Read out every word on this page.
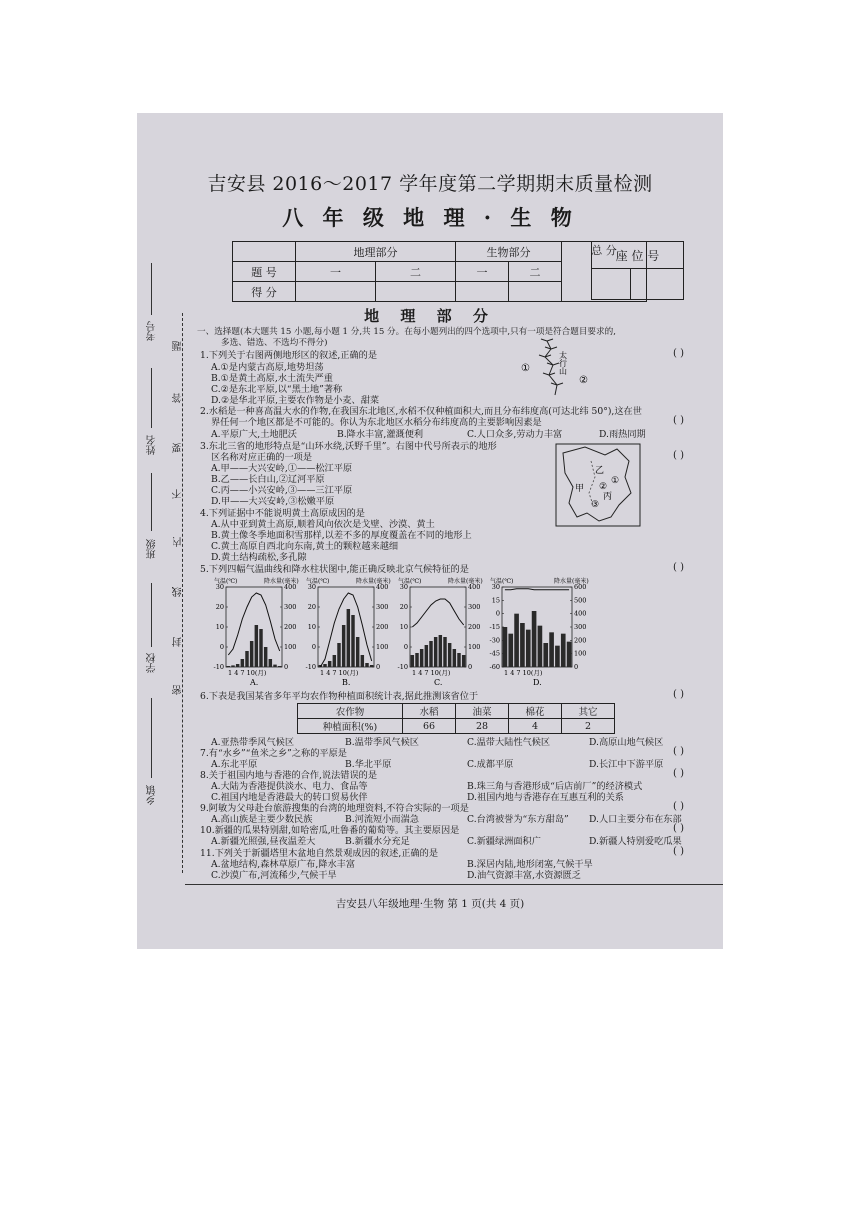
吉安县 2016～2017 学年度第二学期期末质量检测
八 年 级 地 理 · 生 物
	地理部分		生物部分		总 分
题 号	一	二	一	二	
得 分					
座 位 号

地 理 部 分
考号
姓名
班级
学校
乡镇
题
答
要
不
内
线
封
密
一、选择题(本大题共 15 小题,每小题 1 分,共 15 分。在每小题列出的四个选项中,只有一项是符合题目要求的,
多选、错选、不选均不得分)
1.下列关于右图两侧地形区的叙述,正确的是	( )
A.①是内蒙古高原,地势坦荡
B.①是黄土高原,水土流失严重
C.②是东北平原,以“黑土地”著称
D.②是华北平原,主要农作物是小麦、甜菜
①
②
太行山
2.水稻是一种喜高温大水的作物,在我国东北地区,水稻不仅种植面积大,而且分布纬度高(可达北纬 50°),这在世
界任何一个地区都是不可能的。你认为东北地区水稻分布纬度高的主要影响因素是	( )
A.平原广大,土地肥沃	B.降水丰富,灌溉便利	C.人口众多,劳动力丰富	D.雨热同期
3.东北三省的地形特点是“山环水绕,沃野千里”。右图中代号所表示的地形
区名称对应正确的一项是	( )
A.甲——大兴安岭,①——松江平原
B.乙——长白山,②辽河平原
C.丙——小兴安岭,③——三江平原
D.甲——大兴安岭,③松嫩平原
甲
乙
丙
①
②
③
4.下列证据中不能说明黄土高原成因的是
A.从中亚到黄土高原,顺着风向依次是戈壁、沙漠、黄土
B.黄土像冬季地面积雪那样,以差不多的厚度覆盖在不同的地形上
C.黄土高原自西北向东南,黄土的颗粒越来越细
D.黄土结构疏松,多孔隙
5.下列四幅气温曲线和降水柱状图中,能正确反映北京气候特征的是	( )
气温(℃)	降水量(毫米)
-10
0
10
20
30
0
100
200
300
400
1 4 7 10(月)
A.
气温(℃)	降水量(毫米)
-10
0
10
20
30
0
100
200
300
400
1 4 7 10(月)
B.
气温(℃)	降水量(毫米)
-10
0
10
20
30
0
100
200
300
400
1 4 7 10(月)
C.
气温(℃)	降水量(毫米)
-60
-45
-30
-15
0
15
30
0
100
200
300
400
500
600
1 4 7 10(月)
D.
6.下表是我国某省多年平均农作物种植面积统计表,据此推测该省位于	( )
农作物	水稻	油菜	棉花	其它
种植面积(%)	66	28	4	2
A.亚热带季风气候区	B.温带季风气候区	C.温带大陆性气候区	D.高原山地气候区
7.有“水乡”“鱼米之乡”之称的平原是	( )
A.东北平原	B.华北平原	C.成都平原	D.长江中下游平原
8.关于祖国内地与香港的合作,说法错误的是	( )
A.大陆为香港提供淡水、电力、食品等	B.珠三角与香港形成“后店前厂”的经济模式
C.祖国内地是香港最大的转口贸易伙伴	D.祖国内地与香港存在互惠互利的关系
9.阿敏为父母赴台旅游搜集的台湾的地理资料,不符合实际的一项是	( )
A.高山族是主要少数民族	B.河流短小而湍急	C.台湾被誉为“东方甜岛” D.人口主要分布在东部
10.新疆的瓜果特别甜,如哈密瓜,吐鲁番的葡萄等。其主要原因是	( )
A.新疆光照强,昼夜温差大	B.新疆水分充足	C.新疆绿洲面积广	D.新疆人特别爱吃瓜果
11.下列关于新疆塔里木盆地自然景观成因的叙述,正确的是	( )
A.盆地结构,森林草原广布,降水丰富	B.深居内陆,地形闭塞,气候干旱
C.沙漠广布,河流稀少,气候干旱	D.油气资源丰富,水资源匮乏
吉安县八年级地理·生物 第 1 页(共 4 页)
